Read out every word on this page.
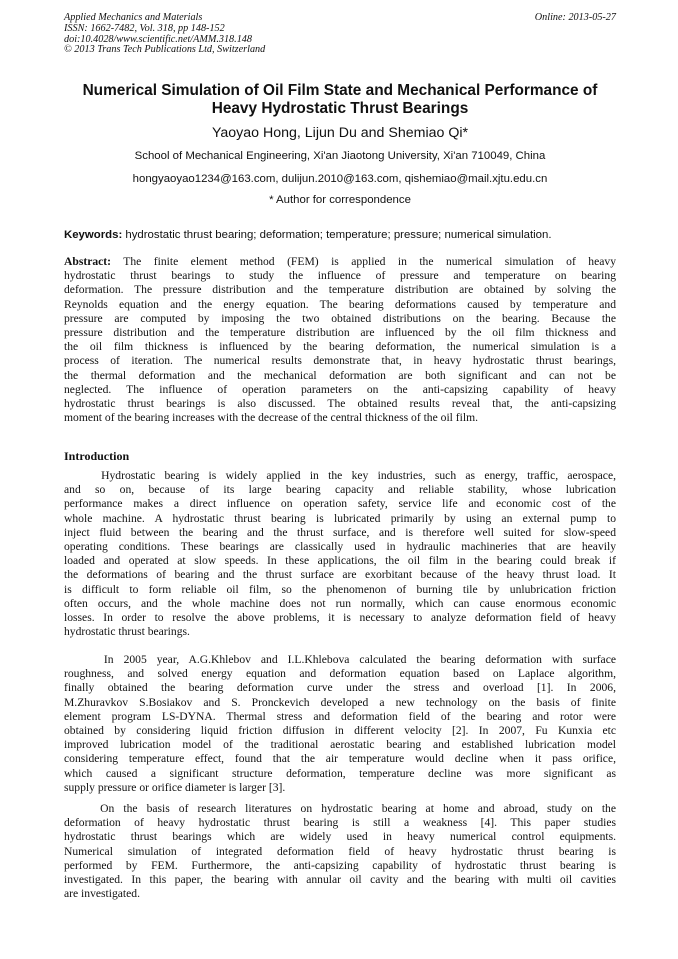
Applied Mechanics and Materials	Online: 2013-05-27
ISSN: 1662-7482, Vol. 318, pp 148-152
doi:10.4028/www.scientific.net/AMM.318.148
© 2013 Trans Tech Publications Ltd, Switzerland
Numerical Simulation of Oil Film State and Mechanical Performance of
Heavy Hydrostatic Thrust Bearings
Yaoyao Hong, Lijun Du and Shemiao Qi*
School of Mechanical Engineering, Xi'an Jiaotong University, Xi'an 710049, China
hongyaoyao1234@163.com, dulijun.2010@163.com, qishemiao@mail.xjtu.edu.cn
* Author for correspondence
Keywords: hydrostatic thrust bearing; deformation; temperature; pressure; numerical simulation.
Abstract: The finite element method (FEM) is applied in the numerical simulation of heavy
hydrostatic thrust bearings to study the influence of pressure and temperature on bearing
deformation. The pressure distribution and the temperature distribution are obtained by solving the
Reynolds equation and the energy equation. The bearing deformations caused by temperature and
pressure are computed by imposing the two obtained distributions on the bearing. Because the
pressure distribution and the temperature distribution are influenced by the oil film thickness and
the oil film thickness is influenced by the bearing deformation, the numerical simulation is a
process of iteration. The numerical results demonstrate that, in heavy hydrostatic thrust bearings,
the thermal deformation and the mechanical deformation are both significant and can not be
neglected. The influence of operation parameters on the anti-capsizing capability of heavy
hydrostatic thrust bearings is also discussed. The obtained results reveal that, the anti-capsizing
moment of the bearing increases with the decrease of the central thickness of the oil film.
Introduction
Hydrostatic bearing is widely applied in the key industries, such as energy, traffic, aerospace,
and so on, because of its large bearing capacity and reliable stability, whose lubrication
performance makes a direct influence on operation safety, service life and economic cost of the
whole machine. A hydrostatic thrust bearing is lubricated primarily by using an external pump to
inject fluid between the bearing and the thrust surface, and is therefore well suited for slow-speed
operating conditions. These bearings are classically used in hydraulic machineries that are heavily
loaded and operated at slow speeds. In these applications, the oil film in the bearing could break if
the deformations of bearing and the thrust surface are exorbitant because of the heavy thrust load. It
is difficult to form reliable oil film, so the phenomenon of burning tile by unlubrication friction
often occurs, and the whole machine does not run normally, which can cause enormous economic
losses. In order to resolve the above problems, it is necessary to analyze deformation field of heavy
hydrostatic thrust bearings.
In 2005 year, A.G.Khlebov and I.L.Khlebova calculated the bearing deformation with surface
roughness, and solved energy equation and deformation equation based on Laplace algorithm,
finally obtained the bearing deformation curve under the stress and overload [1]. In 2006,
M.Zhuravkov S.Bosiakov and S. Pronckevich developed a new technology on the basis of finite
element program LS-DYNA. Thermal stress and deformation field of the bearing and rotor were
obtained by considering liquid friction diffusion in different velocity [2]. In 2007, Fu Kunxia etc
improved lubrication model of the traditional aerostatic bearing and established lubrication model
considering temperature effect, found that the air temperature would decline when it pass orifice,
which caused a significant structure deformation, temperature decline was more significant as
supply pressure or orifice diameter is larger [3].
On the basis of research literatures on hydrostatic bearing at home and abroad, study on the
deformation of heavy hydrostatic thrust bearing is still a weakness [4]. This paper studies
hydrostatic thrust bearings which are widely used in heavy numerical control equipments.
Numerical simulation of integrated deformation field of heavy hydrostatic thrust bearing is
performed by FEM. Furthermore, the anti-capsizing capability of hydrostatic thrust bearing is
investigated. In this paper, the bearing with annular oil cavity and the bearing with multi oil cavities
are investigated.
